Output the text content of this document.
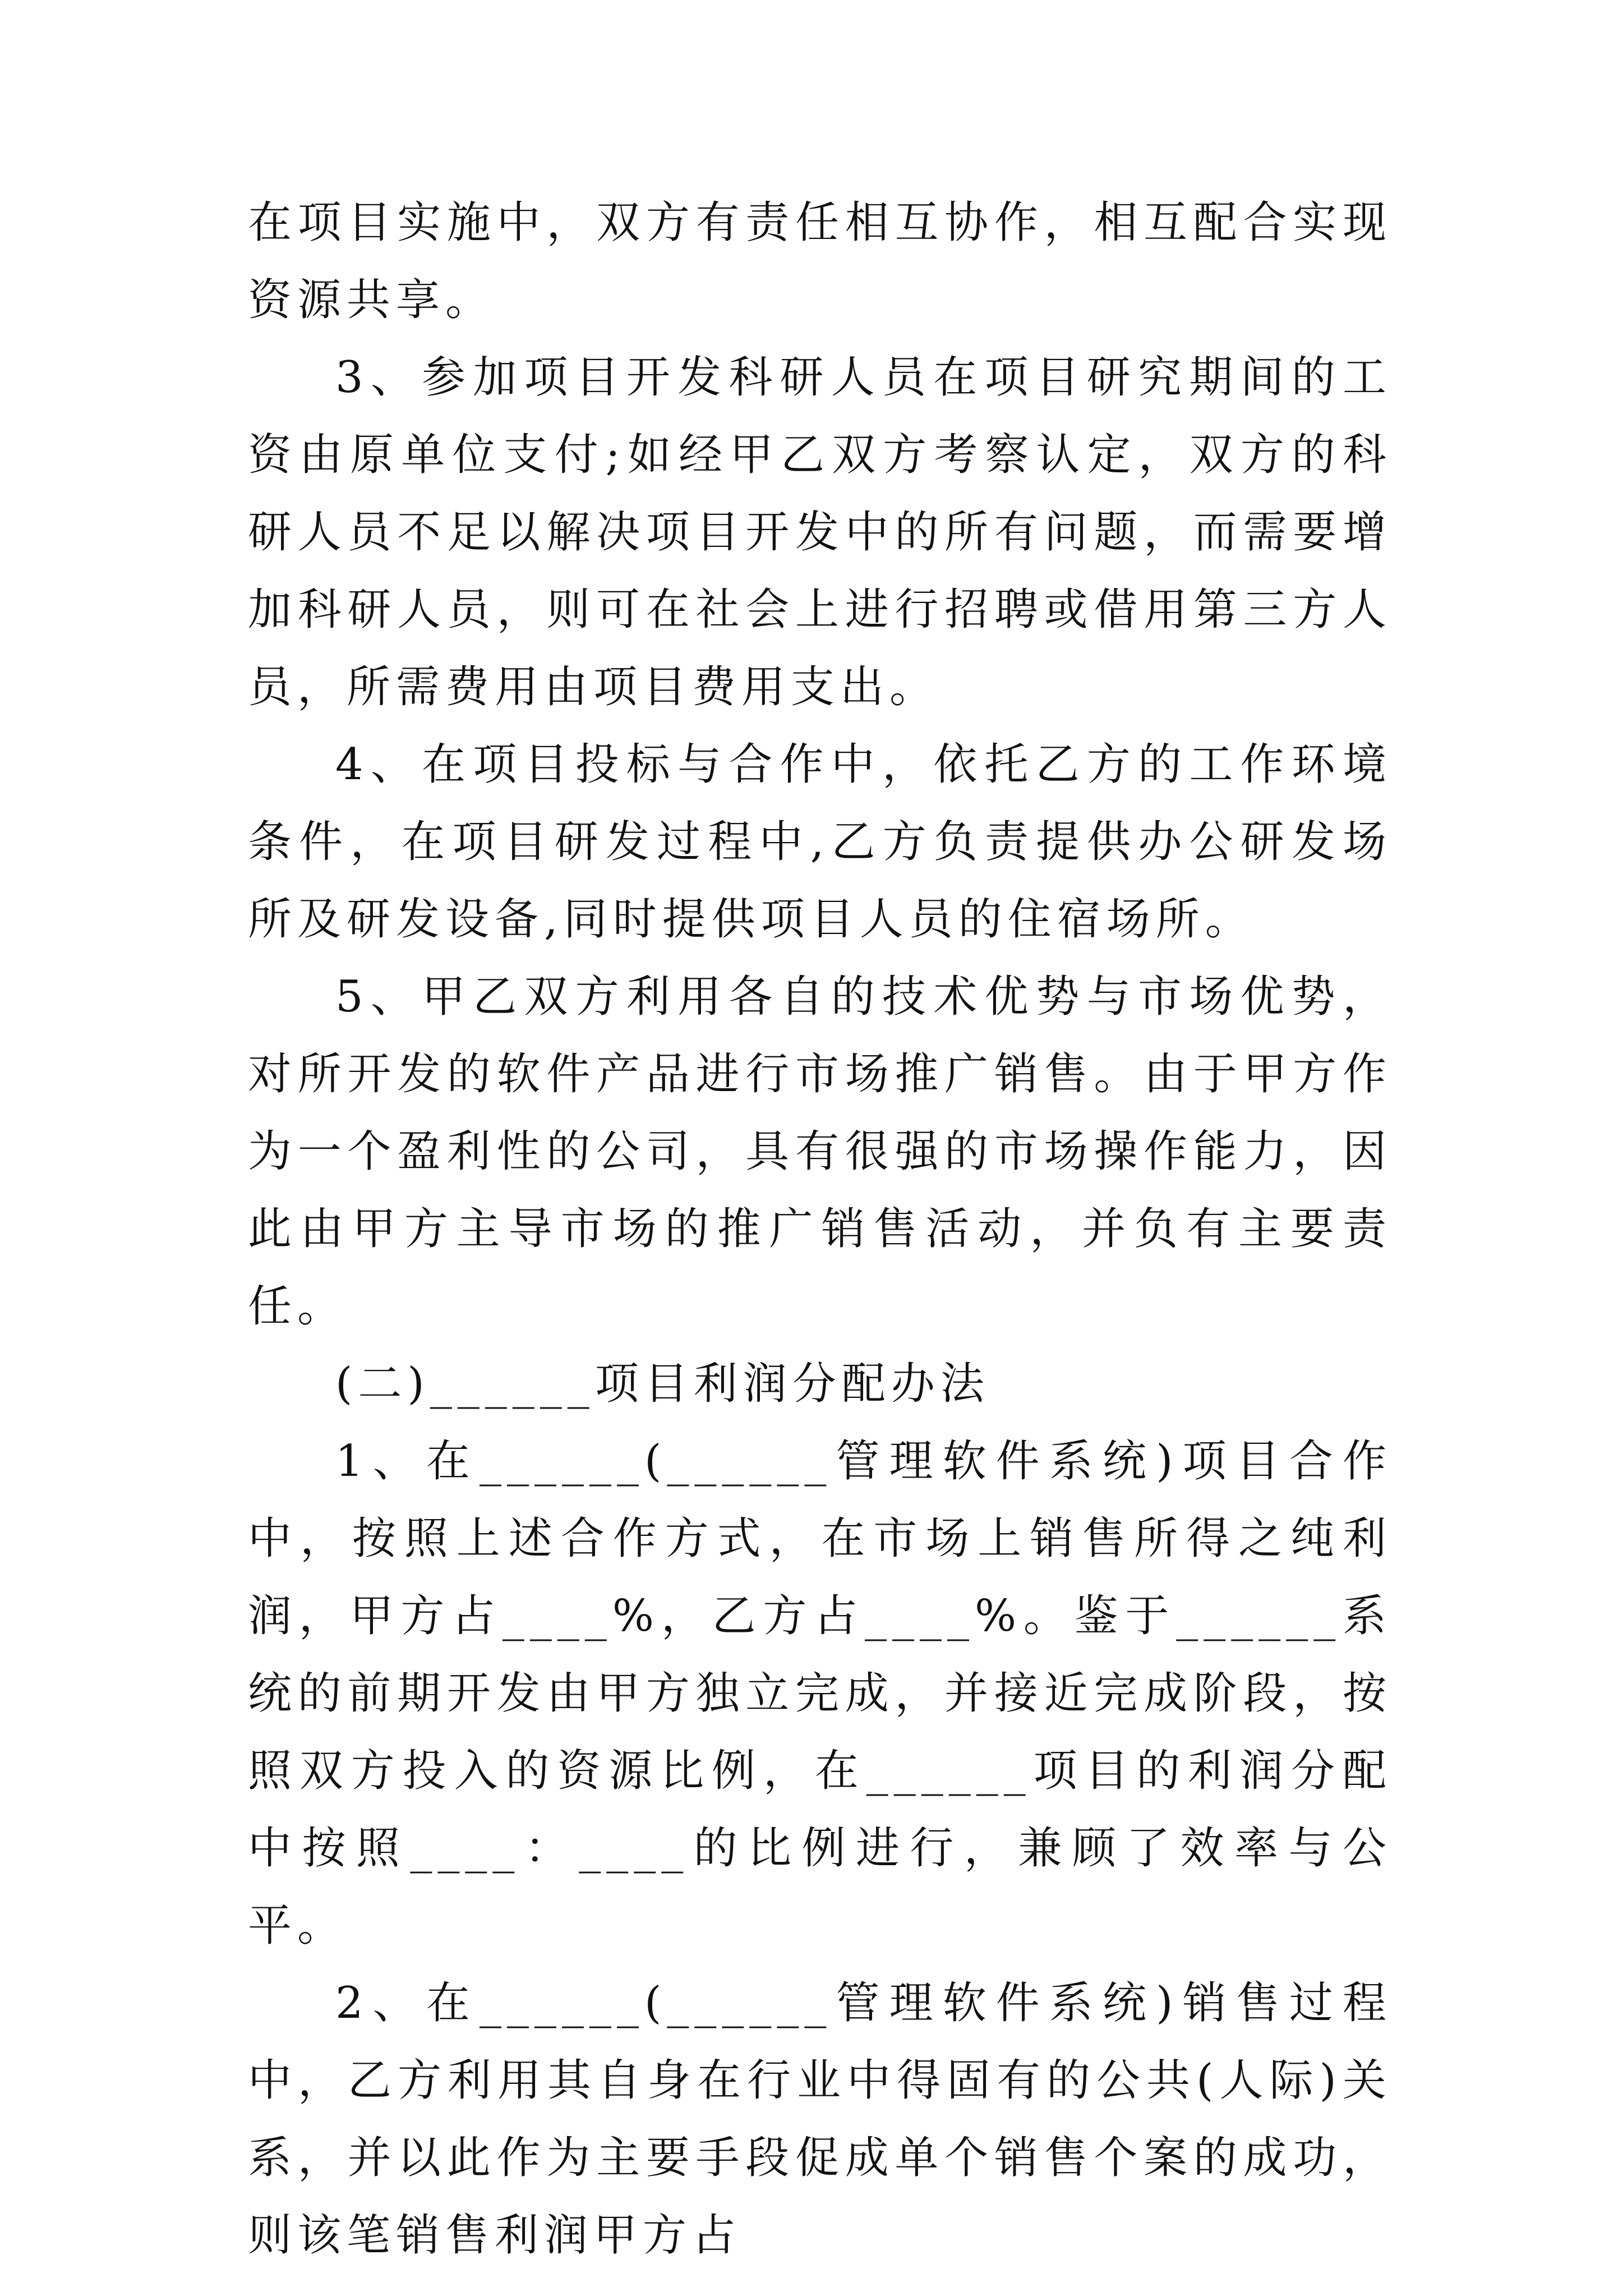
在项目实施中，双方有责任相互协作，相互配合实现资源共享。

3、参加项目开发科研人员在项目研究期间的工资由原单位支付;如经甲乙双方考察认定，双方的科研人员不足以解决项目开发中的所有问题，而需要增加科研人员，则可在社会上进行招聘或借用第三方人员，所需费用由项目费用支出。

4、在项目投标与合作中，依托乙方的工作环境条件，在项目研发过程中,乙方负责提供办公研发场所及研发设备,同时提供项目人员的住宿场所。

5、甲乙双方利用各自的技术优势与市场优势，对所开发的软件产品进行市场推广销售。由于甲方作为一个盈利性的公司，具有很强的市场操作能力，因此由甲方主导市场的推广销售活动，并负有主要责任。

(二)______项目利润分配办法

1、在______(______管理软件系统)项目合作中，按照上述合作方式，在市场上销售所得之纯利润，甲方占____%，乙方占____%。鉴于______系统的前期开发由甲方独立完成，并接近完成阶段，按照双方投入的资源比例，在______项目的利润分配中按照____：____的比例进行，兼顾了效率与公平。

2、在______(______管理软件系统)销售过程中，乙方利用其自身在行业中得固有的公共(人际)关系，并以此作为主要手段促成单个销售个案的成功，则该笔销售利润甲方占
